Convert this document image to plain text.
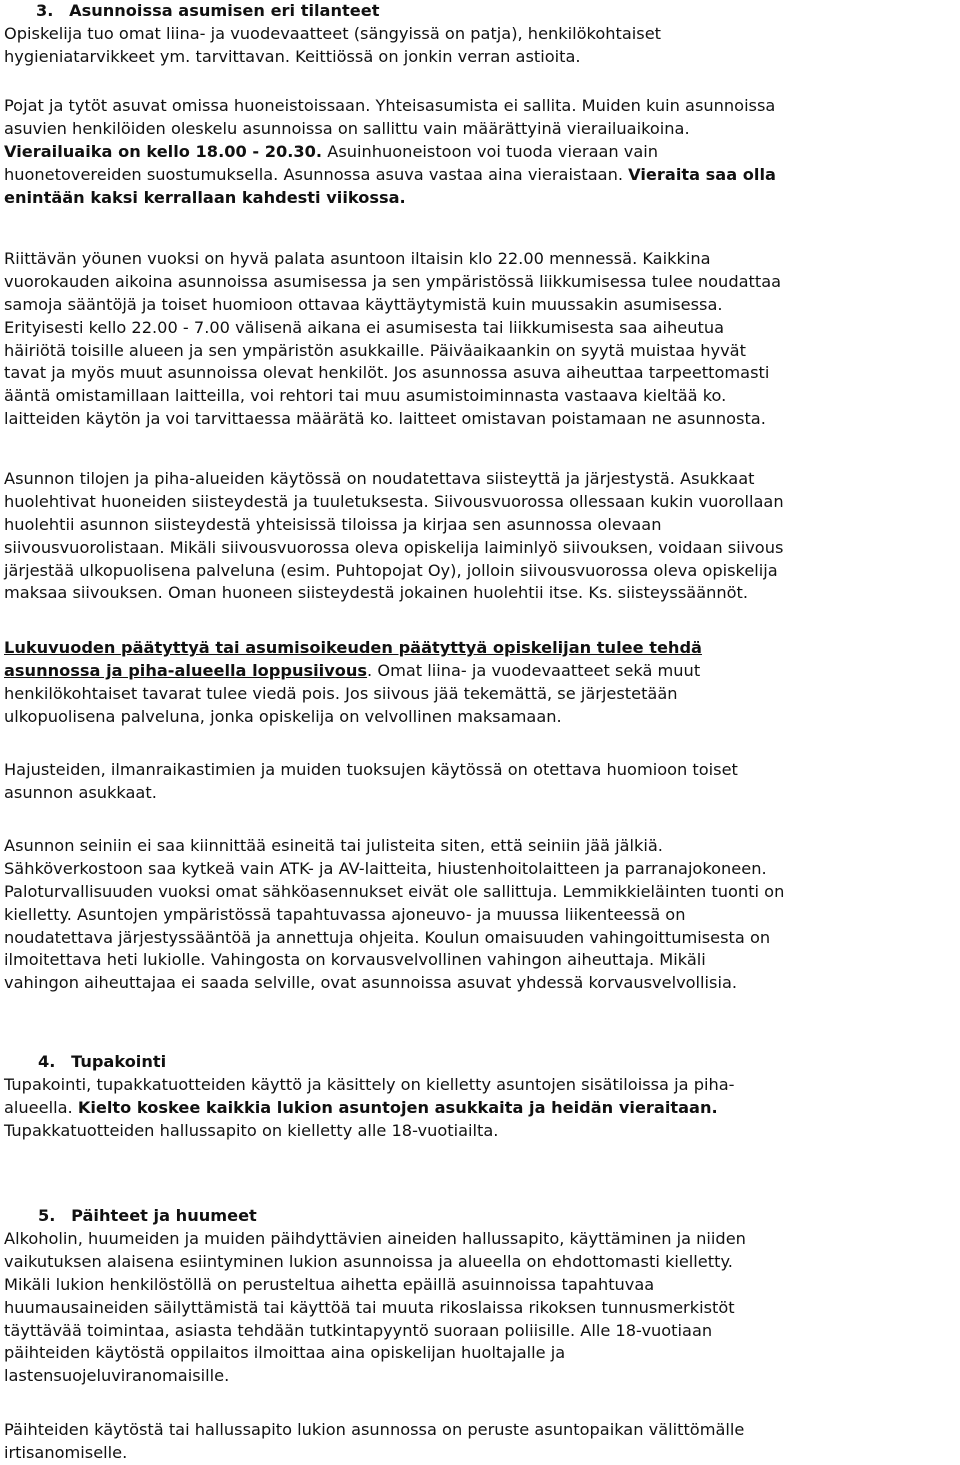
3. Asunnoissa asumisen eri tilanteet
Opiskelija tuo omat liina- ja vuodevaatteet (sängyissä on patja), henkilökohtaiset
hygieniatarvikkeet ym. tarvittavan. Keittiössä on jonkin verran astioita.
Pojat ja tytöt asuvat omissa huoneistoissaan. Yhteisasumista ei sallita. Muiden kuin asunnoissa
asuvien henkilöiden oleskelu asunnoissa on sallittu vain määrättyinä vierailuaikoina.
Vierailuaika on kello 18.00 - 20.30. Asuinhuoneistoon voi tuoda vieraan vain
huonetovereiden suostumuksella. Asunnossa asuva vastaa aina vieraistaan. Vieraita saa olla
enintään kaksi kerrallaan kahdesti viikossa.
Riittävän yöunen vuoksi on hyvä palata asuntoon iltaisin klo 22.00 mennessä. Kaikkina
vuorokauden aikoina asunnoissa asumisessa ja sen ympäristössä liikkumisessa tulee noudattaa
samoja sääntöjä ja toiset huomioon ottavaa käyttäytymistä kuin muussakin asumisessa.
Erityisesti kello 22.00 - 7.00 välisenä aikana ei asumisesta tai liikkumisesta saa aiheutua
häiriötä toisille alueen ja sen ympäristön asukkaille. Päiväaikaankin on syytä muistaa hyvät
tavat ja myös muut asunnoissa olevat henkilöt. Jos asunnossa asuva aiheuttaa tarpeettomasti
ääntä omistamillaan laitteilla, voi rehtori tai muu asumistoiminnasta vastaava kieltää ko.
laitteiden käytön ja voi tarvittaessa määrätä ko. laitteet omistavan poistamaan ne asunnosta.
Asunnon tilojen ja piha-alueiden käytössä on noudatettava siisteyttä ja järjestystä. Asukkaat
huolehtivat huoneiden siisteydestä ja tuuletuksesta. Siivousvuorossa ollessaan kukin vuorollaan
huolehtii asunnon siisteydestä yhteisissä tiloissa ja kirjaa sen asunnossa olevaan
siivousvuorolistaan. Mikäli siivousvuorossa oleva opiskelija laiminlyö siivouksen, voidaan siivous
järjestää ulkopuolisena palveluna (esim. Puhtopojat Oy), jolloin siivousvuorossa oleva opiskelija
maksaa siivouksen. Oman huoneen siisteydestä jokainen huolehtii itse. Ks. siisteyssäännöt.
Lukuvuoden päätyttyä tai asumisoikeuden päätyttyä opiskelijan tulee tehdä
asunnossa ja piha-alueella loppusiivous. Omat liina- ja vuodevaatteet sekä muut
henkilökohtaiset tavarat tulee viedä pois. Jos siivous jää tekemättä, se järjestetään
ulkopuolisena palveluna, jonka opiskelija on velvollinen maksamaan.
Hajusteiden, ilmanraikastimien ja muiden tuoksujen käytössä on otettava huomioon toiset
asunnon asukkaat.
Asunnon seiniin ei saa kiinnittää esineitä tai julisteita siten, että seiniin jää jälkiä.
Sähköverkostoon saa kytkeä vain ATK- ja AV-laitteita, hiustenhoitolaitteen ja parranajokoneen.
Paloturvallisuuden vuoksi omat sähköasennukset eivät ole sallittuja. Lemmikkieläinten tuonti on
kielletty. Asuntojen ympäristössä tapahtuvassa ajoneuvo- ja muussa liikenteessä on
noudatettava järjestyssääntöä ja annettuja ohjeita. Koulun omaisuuden vahingoittumisesta on
ilmoitettava heti lukiolle. Vahingosta on korvausvelvollinen vahingon aiheuttaja. Mikäli
vahingon aiheuttajaa ei saada selville, ovat asunnoissa asuvat yhdessä korvausvelvollisia.
4. Tupakointi
Tupakointi, tupakkatuotteiden käyttö ja käsittely on kielletty asuntojen sisätiloissa ja piha-
alueella. Kielto koskee kaikkia lukion asuntojen asukkaita ja heidän vieraitaan.
Tupakkatuotteiden hallussapito on kielletty alle 18-vuotiailta.
5. Päihteet ja huumeet
Alkoholin, huumeiden ja muiden päihdyttävien aineiden hallussapito, käyttäminen ja niiden
vaikutuksen alaisena esiintyminen lukion asunnoissa ja alueella on ehdottomasti kielletty.
Mikäli lukion henkilöstöllä on perusteltua aihetta epäillä asuinnoissa tapahtuvaa
huumausaineiden säilyttämistä tai käyttöä tai muuta rikoslaissa rikoksen tunnusmerkistöt
täyttävää toimintaa, asiasta tehdään tutkintapyyntö suoraan poliisille. Alle 18-vuotiaan
päihteiden käytöstä oppilaitos ilmoittaa aina opiskelijan huoltajalle ja
lastensuojeluviranomaisille.
Päihteiden käytöstä tai hallussapito lukion asunnossa on peruste asuntopaikan välittömälle
irtisanomiselle.
